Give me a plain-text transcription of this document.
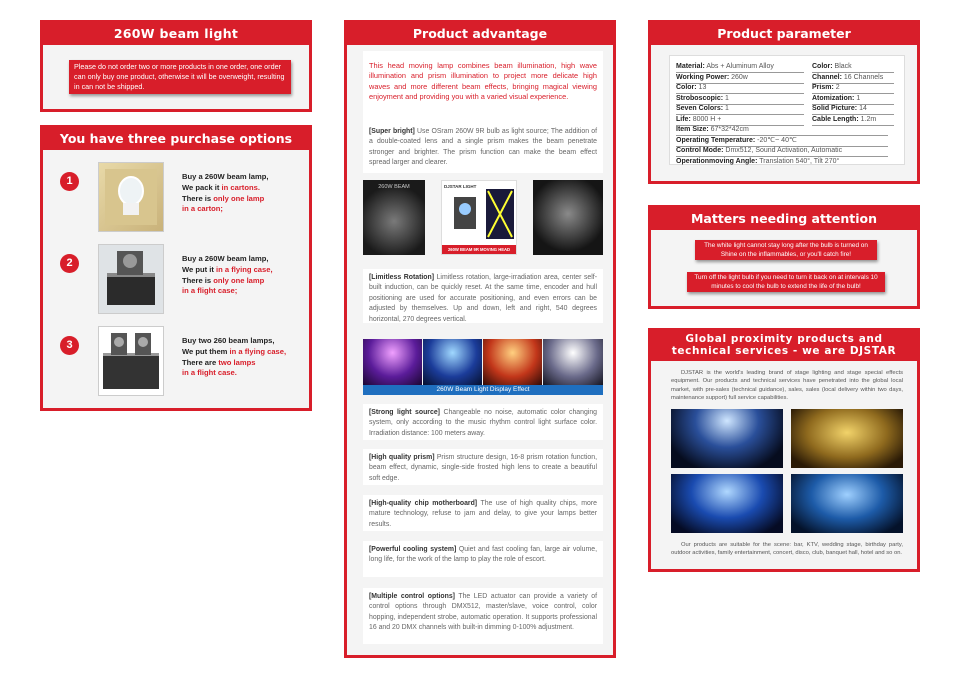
260W beam light
Please do not order two or more products in one order, one order can only buy one product, otherwise it will be overweight, resulting in can not be shipped.
You have three purchase options
1	Buy a 260W beam lamp,
We pack it in cartons.
There is only one lamp
in a carton;
2	Buy a 260W beam lamp,
We put it in a flying case,
There is only one lamp
in a flight case;
3	Buy two 260 beam lamps,
We put them in a flying case,
There are two lamps
in a flight case.
Product advantage
This head moving lamp combines beam illumination, high wave illumination and prism illumination to project more delicate high waves and more different beam effects, bringing magical viewing enjoyment and providing you with a varied visual experience.
[Super bright] Use OSram 260W 9R bulb as light source; The addition of a double-coated lens and a single prism makes the beam penetrate stronger and brighter. The prism function can make the beam effect spread larger and clearer.
260W BEAM	DJSTAR LIGHT
260W BEAM 9R MOVING HEAD
[Limitless Rotation] Limitless rotation, large-irradiation area, center self-built induction, can be quickly reset. At the same time, encoder and hull positioning are used for accurate positioning, and even errors can be adjusted by themselves. Up and down, left and right, 540 degrees horizontal, 270 degrees vertical.
260W Beam Light Display Effect
[Strong light source] Changeable no noise, automatic color changing system, only according to the music rhythm control light surface color. Irradiation distance: 100 meters away.
[High quality prism] Prism structure design, 16-8 prism rotation function, beam effect, dynamic, single-side frosted high lens to create a beautiful soft edge.
[High-quality chip motherboard] The use of high quality chips, more mature technology, refuse to jam and delay, to give your lamps better results.
[Powerful cooling system] Quiet and fast cooling fan, large air volume, long life, for the work of the lamp to play the role of escort.
[Multiple control options] The LED actuator can provide a variety of control options through DMX512, master/slave, voice control, color hopping, independent strobe, automatic operation. It supports professional 16 and 20 DMX channels with built-in dimming 0-100% adjustment.
Product parameter
Material: Abs + Aluminum Alloy
Working Power: 260w
Color: 13
Stroboscopic: 1
Seven Colors: 1
Life: 8000 H +
Color: Black
Channel: 16 Channels
Prism: 2
Atomization: 1
Solid Picture: 14
Cable Length: 1.2m
Item Size: 67*32*42cm
Operating Temperature: -20℃~ 40℃
Control Mode: Dmx512, Sound Activation, Automatic
Operationmoving Angle: Translation 540°, Tilt 270°
Matters needing attention
The white light cannot stay long after the bulb is turned on Shine on the inflammables, or you'll catch fire!
Turn off the light bulb if you need to turn it back on at intervals 10 minutes to cool the bulb to extend the life of the bulb!
Global proximity products and
technical services - we are DJSTAR
DJSTAR is the world's leading brand of stage lighting and stage special effects equipment. Our products and technical services have penetrated into the global local market, with pre-sales (technical guidance), sales, sales (local delivery within two days, maintenance support) full service capabilities.
Our products are suitable for the scene: bar, KTV, wedding stage, birthday party, outdoor activities, family entertainment, concert, disco, club, banquet hall, hotel and so on.
